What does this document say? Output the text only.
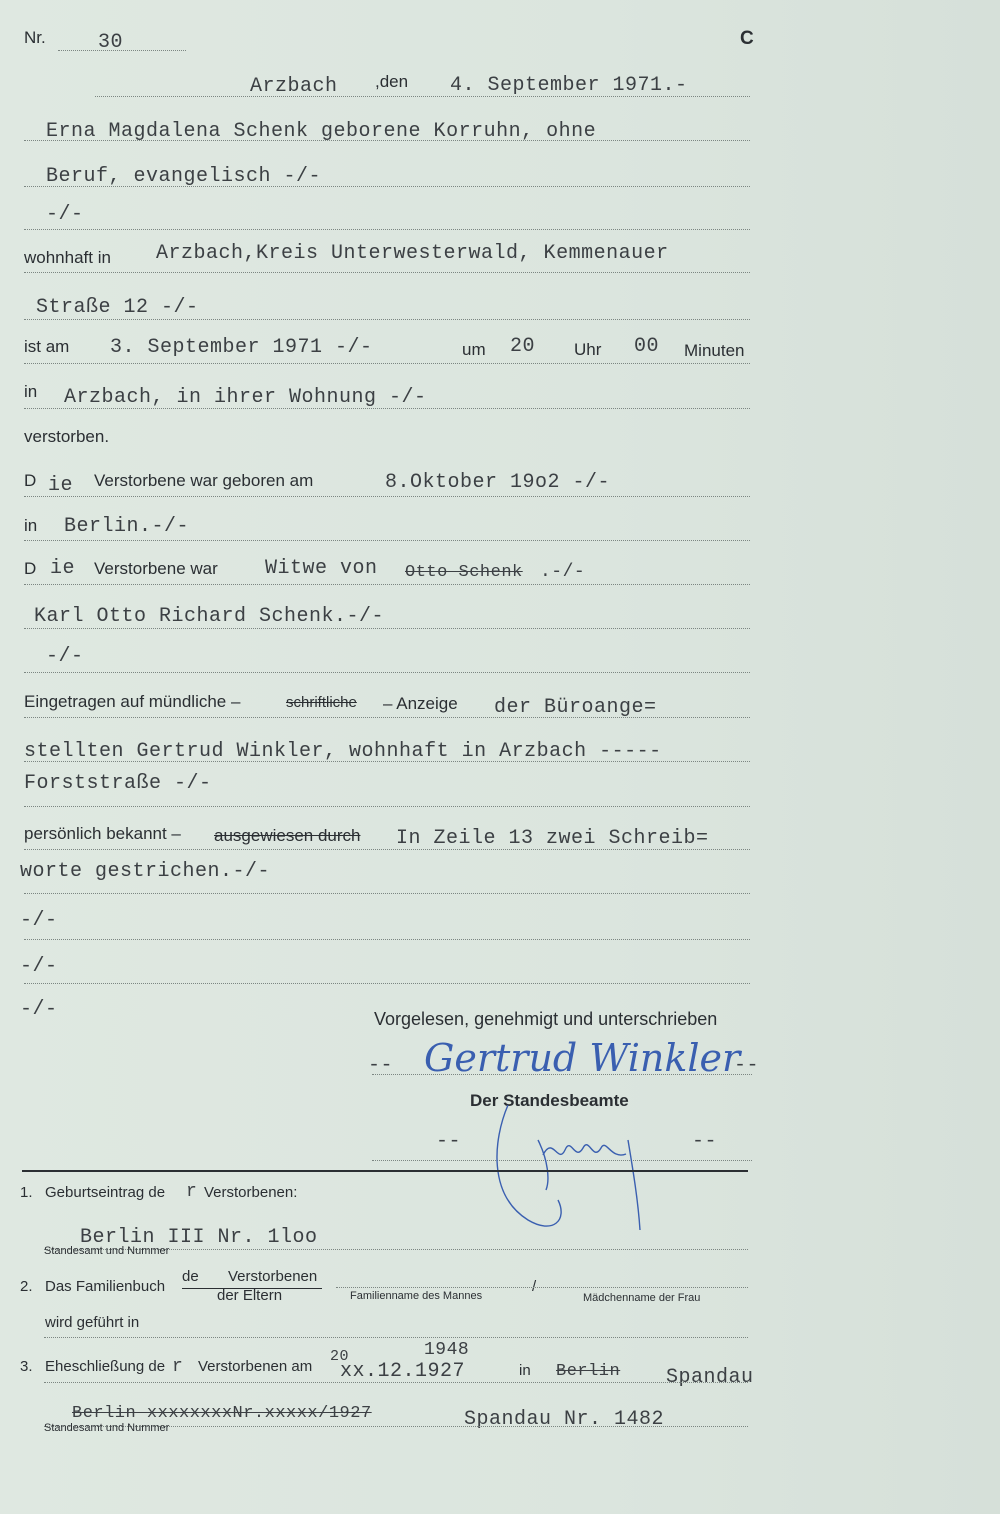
Nr.	30	C
Arzbach ,den 4. September 1971.-
Erna Magdalena Schenk geborene Korruhn, ohne
Beruf, evangelisch -/-
-/-
wohnhaft in Arzbach,Kreis Unterwesterwald, Kemmenauer
Straße 12 -/-
ist am 3. September 1971 -/-	um 20 Uhr 00 Minuten
in Arzbach, in ihrer Wohnung -/-
verstorben.
D ie Verstorbene war geboren am	8.Oktober 19o2 -/-
in Berlin.-/-
D ie Verstorbene war Witwe von Otto Schenk .-/-
Karl Otto Richard Schenk.-/-
-/-
Eingetragen auf mündliche –	schriftliche – Anzeige der Büroange=
stellten Gertrud Winkler, wohnhaft in Arzbach -----
Forststraße -/-
persönlich bekannt – ausgewiesen durch In Zeile 13 zwei Schreib=
worte gestrichen.-/-
-/-
-/-
-/-	Vorgelesen, genehmigt und unterschrieben
-- Gertrud Winkler
--
Der Standesbeamte
--	--
1. Geburtseintrag de r Verstorbenen:
Berlin III Nr. 1loo
Standesamt und Nummer
2. Das Familienbuch
de Verstorbenen
der Eltern	Familienname des Mannes
/
Mädchenname der Frau
wird geführt in
1948
3. Eheschließung de r Verstorbenen am
20
xx.12.1927	in Berlin Spandau
Berlin xxxxxxxxNr.xxxxx/1927	Spandau Nr. 1482
Standesamt und Nummer
